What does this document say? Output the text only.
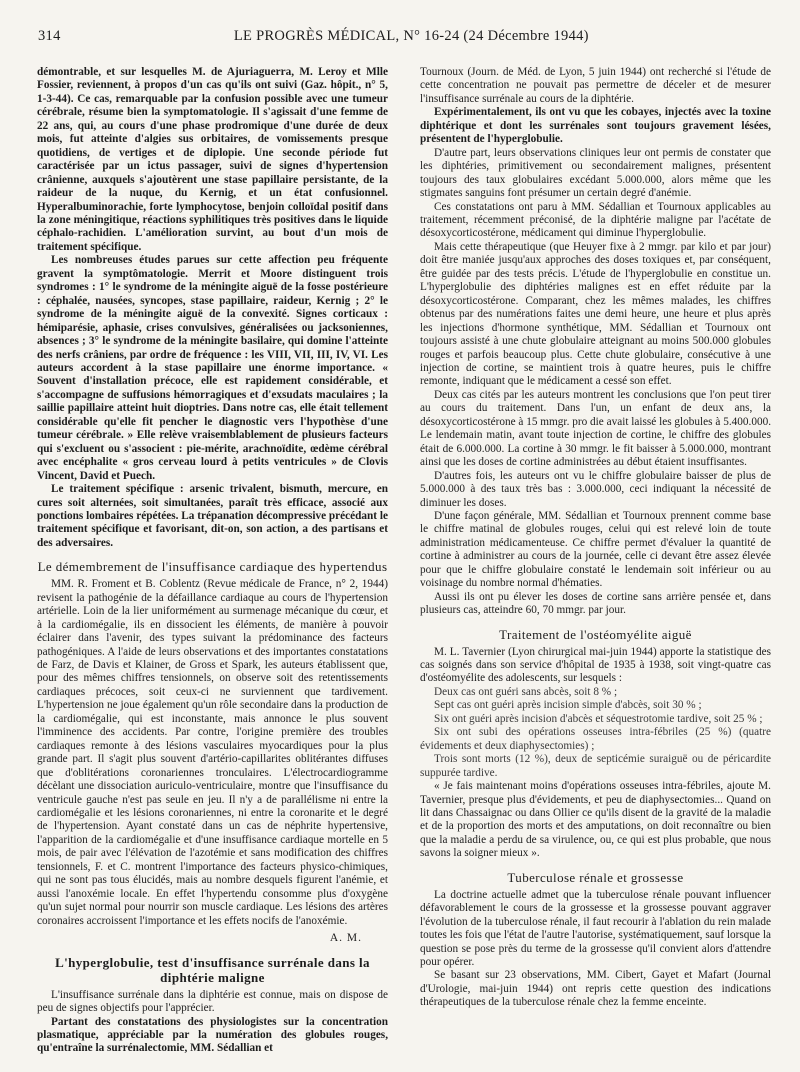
314	LE PROGRÈS MÉDICAL, N° 16-24 (24 Décembre 1944)

démontrable, et sur lesquelles M. de Ajuriaguerra, M. Leroy et Mlle Fossier, reviennent, à propos d'un cas qu'ils ont suivi (Gaz. hôpit., n° 5, 1-3-44). Ce cas, remarquable par la confusion possible avec une tumeur cérébrale, résume bien la symptomatologie. Il s'agissait d'une femme de 22 ans, qui, au cours d'une phase prodromique d'une durée de deux mois, fut atteinte d'algies sus orbitaires, de vomissements presque quotidiens, de vertiges et de diplopie. Une seconde période fut caractérisée par un ictus passager, suivi de signes d'hypertension crânienne, auxquels s'ajoutèrent une stase papillaire persistante, de la raideur de la nuque, du Kernig, et un état confusionnel. Hyperalbuminorachie, forte lymphocytose, benjoin colloïdal positif dans la zone méningitique, réactions syphilitiques très positives dans le liquide céphalo-rachidien. L'amélioration survint, au bout d'un mois de traitement spécifique.

Les nombreuses études parues sur cette affection peu fréquente gravent la symptômatologie. Merrit et Moore distinguent trois syndromes : 1° le syndrome de la méningite aiguë de la fosse postérieure : céphalée, nausées, syncopes, stase papillaire, raideur, Kernig ; 2° le syndrome de la méningite aiguë de la convexité. Signes corticaux : hémiparésie, aphasie, crises convulsives, généralisées ou jacksoniennes, absences ; 3° le syndrome de la méningite basilaire, qui domine l'atteinte des nerfs crâniens, par ordre de fréquence : les VIII, VII, III, IV, VI. Les auteurs accordent à la stase papillaire une énorme importance. « Souvent d'installation précoce, elle est rapidement considérable, et s'accompagne de suffusions hémorragiques et d'exsudats maculaires ; la saillie papillaire atteint huit dioptries. Dans notre cas, elle était tellement considérable qu'elle fit pencher le diagnostic vers l'hypothèse d'une tumeur cérébrale. » Elle relève vraisemblablement de plusieurs facteurs qui s'excluent ou s'associent : pie-mérite, arachnoïdite, œdème cérébral avec encéphalite « gros cerveau lourd à petits ventricules » de Clovis Vincent, David et Puech.

Le traitement spécifique : arsenic trivalent, bismuth, mercure, en cures soit alternées, soit simultanées, paraît très efficace, associé aux ponctions lombaires répétées. La trépanation décompressive précédant le traitement spécifique et favorisant, dit-on, son action, a des partisans et des adversaires.

Le démembrement de l'insuffisance cardiaque des hypertendus

MM. R. Froment et B. Coblentz (Revue médicale de France, n° 2, 1944) revisent la pathogénie de la défaillance cardiaque au cours de l'hypertension artérielle. Loin de la lier uniformément au surmenage mécanique du cœur, et à la cardiomégalie, ils en dissocient les éléments, de manière à pouvoir éclairer dans l'avenir, des types suivant la prédominance des facteurs pathogéniques. A l'aide de leurs observations et des importantes constatations de Farz, de Davis et Klainer, de Gross et Spark, les auteurs établissent que, pour des mêmes chiffres tensionnels, on observe soit des retentissements cardiaques précoces, soit ceux-ci ne surviennent que tardivement. L'hypertension ne joue également qu'un rôle secondaire dans la production de la cardiomégalie, qui est inconstante, mais annonce le plus souvent l'imminence des accidents. Par contre, l'origine première des troubles cardiaques remonte à des lésions vasculaires myocardiques pour la plus grande part. Il s'agit plus souvent d'artério-capillarites oblitérantes diffuses que d'oblitérations coronariennes tronculaires. L'électrocardiogramme décèlant une dissociation auriculo-ventriculaire, montre que l'insuffisance du ventricule gauche n'est pas seule en jeu. Il n'y a de parallélisme ni entre la cardiomégalie et les lésions coronariennes, ni entre la coronarite et le degré de l'hypertension. Ayant constaté dans un cas de néphrite hypertensive, l'apparition de la cardiomégalie et d'une insuffisance cardiaque mortelle en 5 mois, de pair avec l'élévation de l'azotémie et sans modification des chiffres tensionnels, F. et C. montrent l'importance des facteurs physico-chimiques, qui ne sont pas tous élucidés, mais au nombre desquels figurent l'anémie, et aussi l'anoxémie locale. En effet l'hypertendu consomme plus d'oxygène qu'un sujet normal pour nourrir son muscle cardiaque. Les lésions des artères coronaires accroissent l'importance et les effets nocifs de l'anoxémie.

A. M.
L'hyperglobulie, test d'insuffisance surrénale dans la diphtérie maligne

L'insuffisance surrénale dans la diphtérie est connue, mais on dispose de peu de signes objectifs pour l'apprécier.

Partant des constatations des physiologistes sur la concentration plasmatique, appréciable par la numération des globules rouges, qu'entraîne la surrénalectomie, MM. Sédallian et

Tournoux (Journ. de Méd. de Lyon, 5 juin 1944) ont recherché si l'étude de cette concentration ne pouvait pas permettre de déceler et de mesurer l'insuffisance surrénale au cours de la diphtérie.

Expérimentalement, ils ont vu que les cobayes, injectés avec la toxine diphtérique et dont les surrénales sont toujours gravement lésées, présentent de l'hyperglobulie.

D'autre part, leurs observations cliniques leur ont permis de constater que les diphtéries, primitivement ou secondairement malignes, présentent toujours des taux globulaires excédant 5.000.000, alors même que les stigmates sanguins font présumer un certain degré d'anémie.

Ces constatations ont paru à MM. Sédallian et Tournoux applicables au traitement, récemment préconisé, de la diphtérie maligne par l'acétate de désoxycorticostérone, médicament qui diminue l'hyperglobulie.

Mais cette thérapeutique (que Heuyer fixe à 2 mmgr. par kilo et par jour) doit être maniée jusqu'aux approches des doses toxiques et, par conséquent, être guidée par des tests précis. L'étude de l'hyperglobulie en constitue un. L'hyperglobulie des diphtéries malignes est en effet réduite par la désoxycorticostérone. Comparant, chez les mêmes malades, les chiffres obtenus par des numérations faites une demi heure, une heure et plus après les injections d'hormone synthétique, MM. Sédallian et Tournoux ont toujours assisté à une chute globulaire atteignant au moins 500.000 globules rouges et parfois beaucoup plus. Cette chute globulaire, consécutive à une injection de cortine, se maintient trois à quatre heures, puis le chiffre remonte, indiquant que le médicament a cessé son effet.

Deux cas cités par les auteurs montrent les conclusions que l'on peut tirer au cours du traitement. Dans l'un, un enfant de deux ans, la désoxycorticostérone à 15 mmgr. pro die avait laissé les globules à 5.400.000. Le lendemain matin, avant toute injection de cortine, le chiffre des globules était de 6.000.000. La cortine à 30 mmgr. le fit baisser à 5.000.000, montrant ainsi que les doses de cortine administrées au début étaient insuffisantes.

D'autres fois, les auteurs ont vu le chiffre globulaire baisser de plus de 5.000.000 à des taux très bas : 3.000.000, ceci indiquant la nécessité de diminuer les doses.

D'une façon générale, MM. Sédallian et Tournoux prennent comme base le chiffre matinal de globules rouges, celui qui est relevé loin de toute administration médicamenteuse. Ce chiffre permet d'évaluer la quantité de cortine à administrer au cours de la journée, celle ci devant être assez élevée pour que le chiffre globulaire constaté le lendemain soit inférieur ou au voisinage du nombre normal d'hématies.

Aussi ils ont pu élever les doses de cortine sans arrière pensée et, dans plusieurs cas, atteindre 60, 70 mmgr. par jour.

Traitement de l'ostéomyélite aiguë

M. L. Tavernier (Lyon chirurgical mai-juin 1944) apporte la statistique des cas soignés dans son service d'hôpital de 1935 à 1938, soit vingt-quatre cas d'ostéomyélite des adolescents, sur lesquels :

Deux cas ont guéri sans abcès, soit 8 % ;

Sept cas ont guéri après incision simple d'abcès, soit 30 % ;

Six ont guéri après incision d'abcès et séquestrotomie tardive, soit 25 % ;

Six ont subi des opérations osseuses intra-fébriles (25 %) (quatre évidements et deux diaphysectomies) ;

Trois sont morts (12 %), deux de septicémie suraiguë ou de péricardite suppurée tardive.

« Je fais maintenant moins d'opérations osseuses intra-fébriles, ajoute M. Tavernier, presque plus d'évidements, et peu de diaphysectomies... Quand on lit dans Chassaignac ou dans Ollier ce qu'ils disent de la gravité de la maladie et de la proportion des morts et des amputations, on doit reconnaître ou bien que la maladie a perdu de sa virulence, ou, ce qui est plus probable, que nous savons la soigner mieux ».

Tuberculose rénale et grossesse

La doctrine actuelle admet que la tuberculose rénale pouvant influencer défavorablement le cours de la grossesse et la grossesse pouvant aggraver l'évolution de la tuberculose rénale, il faut recourir à l'ablation du rein malade toutes les fois que l'état de l'autre l'autorise, systématiquement, sauf lorsque la question se pose près du terme de la grossesse qu'il convient alors d'attendre pour opérer.

Se basant sur 23 observations, MM. Cibert, Gayet et Mafart (Journal d'Urologie, mai-juin 1944) ont repris cette question des indications thérapeutiques de la tuberculose rénale chez la femme enceinte.
